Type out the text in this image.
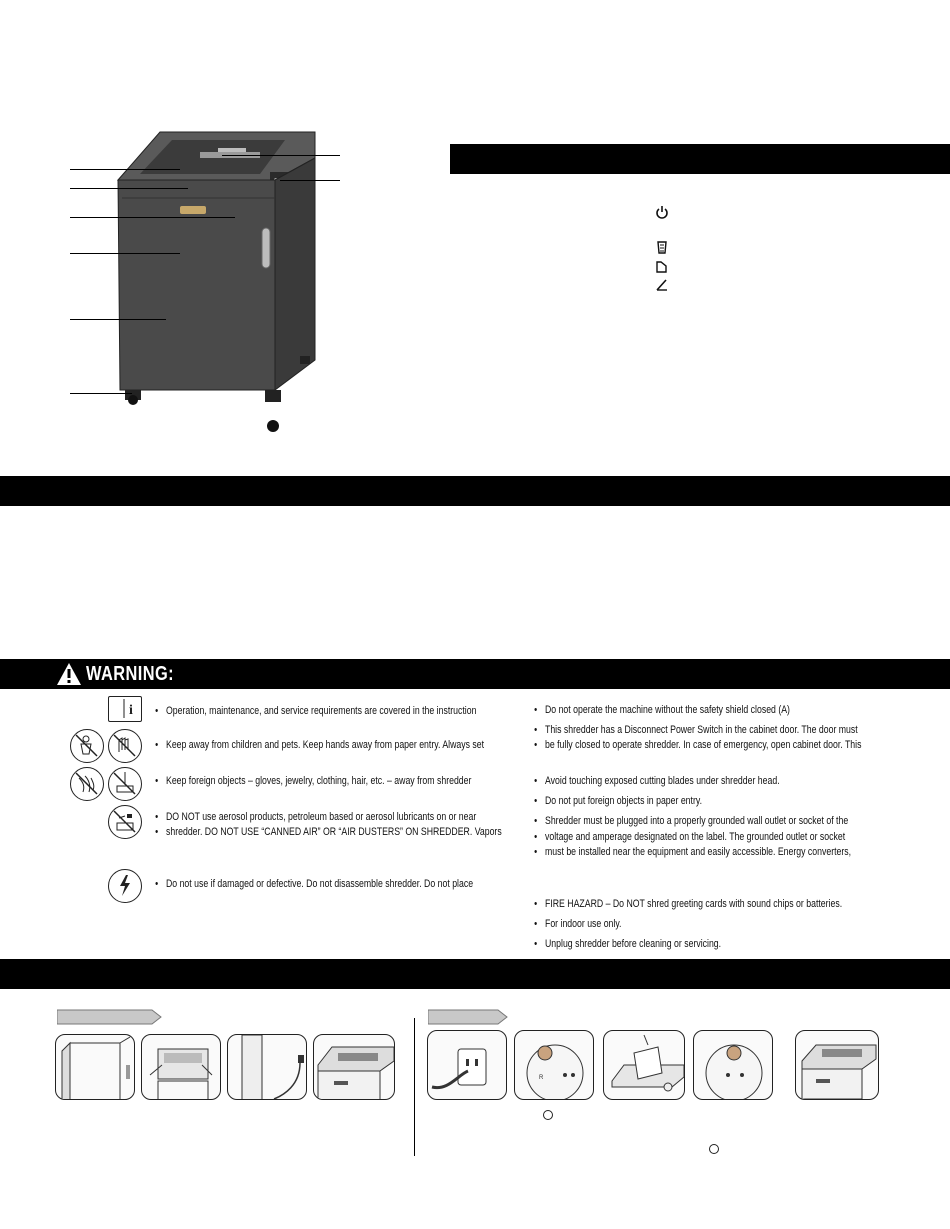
WARNING:
i
•	Operation, maintenance, and service requirements are covered in the instruction
• Keep away from children and pets. Keep hands away from paper entry. Always set
• Keep foreign objects – gloves, jewelry, clothing, hair, etc. – away from shredder
• DO NOT use aerosol products, petroleum based or aerosol lubricants on or near
• shredder. DO NOT USE “CANNED AIR” OR “AIR DUSTERS” ON SHREDDER. Vapors
• Do not use if damaged or defective. Do not disassemble shredder. Do not place
• Do not operate the machine without the safety shield closed (A)
• This shredder has a Disconnect Power Switch in the cabinet door. The door must
• be fully closed to operate shredder. In case of emergency, open cabinet door. This
• Avoid touching exposed cutting blades under shredder head.
• Do not put foreign objects in paper entry.
• Shredder must be plugged into a properly grounded wall outlet or socket of the
• voltage and amperage designated on the label. The grounded outlet or socket
• must be installed near the equipment and easily accessible. Energy converters,
• FIRE HAZARD – Do NOT shred greeting cards with sound chips or batteries.
• For indoor use only.
• Unplug shredder before cleaning or servicing.
R
